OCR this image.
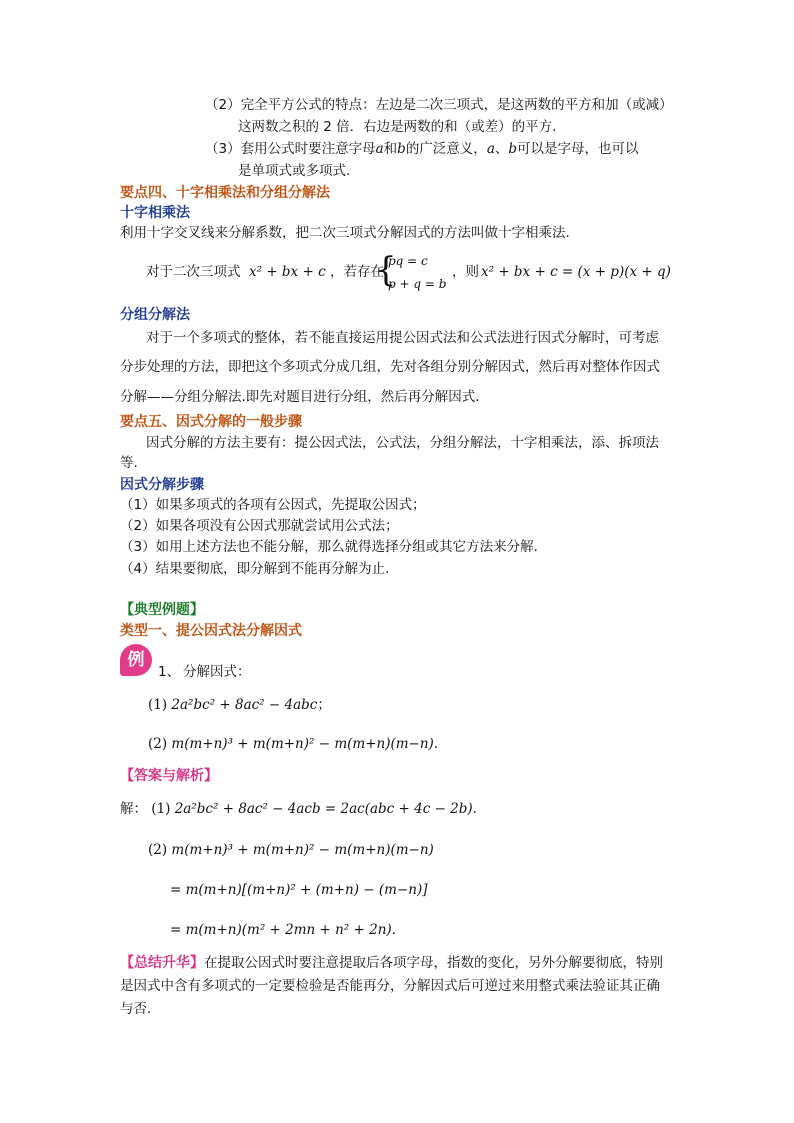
（2）完全平方公式的特点：左边是二次三项式，是这两数的平方和加（或减）
这两数之积的 2 倍．右边是两数的和（或差）的平方．
（3）套用公式时要注意字母a和b的广泛意义，a、b可以是字母，也可以
是单项式或多项式．
要点四、十字相乘法和分组分解法
十字相乘法
利用十字交叉线来分解系数，把二次三项式分解因式的方法叫做十字相乘法．
对于二次三项式 x² + bx + c ，若存在
{
pq = c
p + q = b
，则 x² + bx + c = (x + p)(x + q)
分组分解法
对于一个多项式的整体，若不能直接运用提公因式法和公式法进行因式分解时，可考虑
分步处理的方法，即把这个多项式分成几组，先对各组分别分解因式，然后再对整体作因式
分解——分组分解法.即先对题目进行分组，然后再分解因式.
要点五、因式分解的一般步骤
因式分解的方法主要有：提公因式法，公式法，分组分解法，十字相乘法，添、拆项法
等.
因式分解步骤
（1）如果多项式的各项有公因式，先提取公因式；
（2）如果各项没有公因式那就尝试用公式法；
（3）如用上述方法也不能分解，那么就得选择分组或其它方法来分解．
（4）结果要彻底，即分解到不能再分解为止．
【典型例题】
类型一、提公因式法分解因式
例
1、 分解因式：
(1) 2a²bc² + 8ac² − 4abc；
(2) m(m+n)³ + m(m+n)² − m(m+n)(m−n)．
【答案与解析】
解： (1) 2a²bc² + 8ac² − 4acb = 2ac(abc + 4c − 2b)．
(2) m(m+n)³ + m(m+n)² − m(m+n)(m−n)
= m(m+n)[(m+n)² + (m+n) − (m−n)]
= m(m+n)(m² + 2mn + n² + 2n)．
【总结升华】在提取公因式时要注意提取后各项字母，指数的变化，另外分解要彻底，特别
是因式中含有多项式的一定要检验是否能再分，分解因式后可逆过来用整式乘法验证其正确
与否．
